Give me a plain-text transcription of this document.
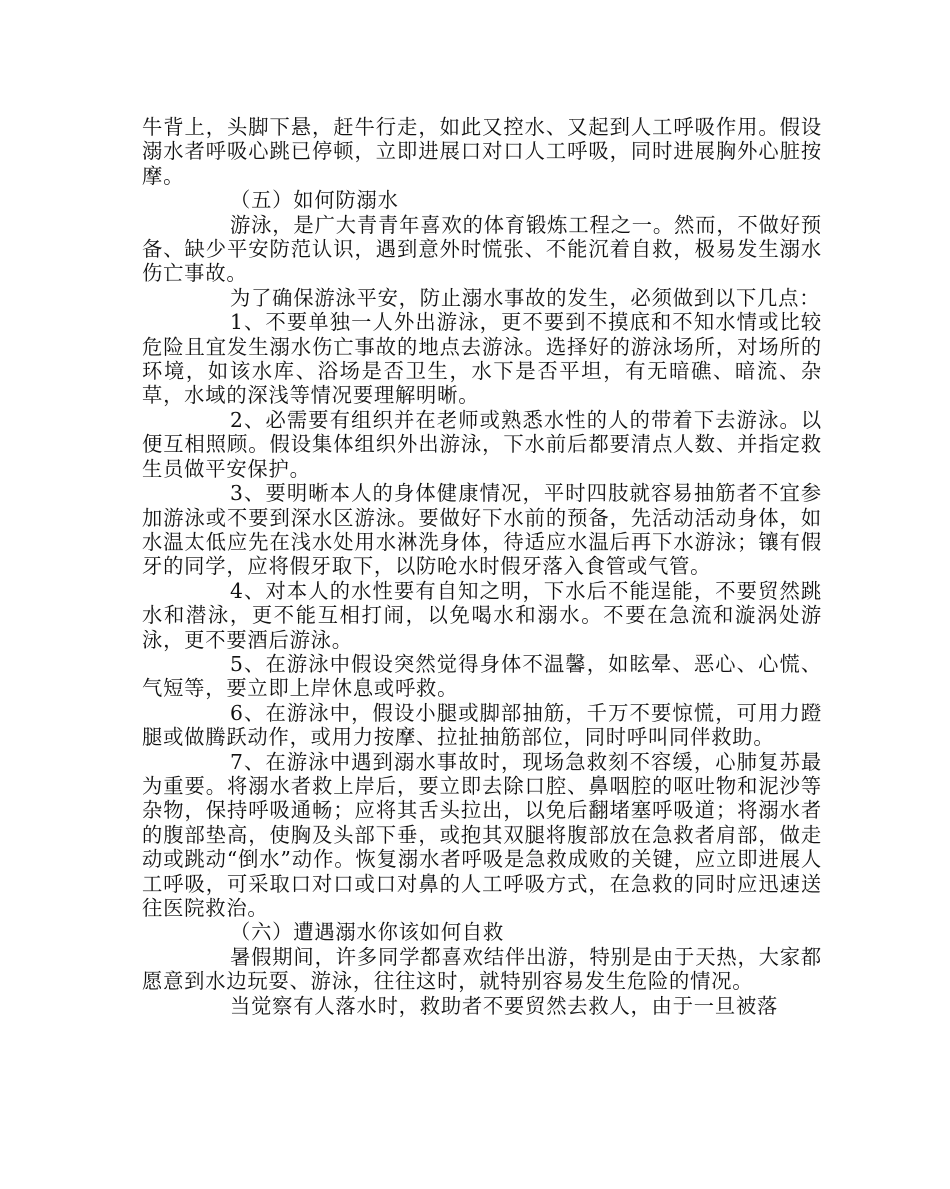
牛背上，头脚下悬，赶牛行走，如此又控水、又起到人工呼吸作用。假设溺水者呼吸心跳已停顿，立即进展口对口人工呼吸，同时进展胸外心脏按摩。

（五）如何防溺水

游泳，是广大青青年喜欢的体育锻炼工程之一。然而，不做好预备、缺少平安防范认识，遇到意外时慌张、不能沉着自救，极易发生溺水伤亡事故。

为了确保游泳平安，防止溺水事故的发生，必须做到以下几点：

1、不要单独一人外出游泳，更不要到不摸底和不知水情或比较危险且宜发生溺水伤亡事故的地点去游泳。选择好的游泳场所，对场所的环境，如该水库、浴场是否卫生，水下是否平坦，有无暗礁、暗流、杂草，水域的深浅等情况要理解明晰。

2、必需要有组织并在老师或熟悉水性的人的带着下去游泳。以便互相照顾。假设集体组织外出游泳，下水前后都要清点人数、并指定救生员做平安保护。

3、要明晰本人的身体健康情况，平时四肢就容易抽筋者不宜参加游泳或不要到深水区游泳。要做好下水前的预备，先活动活动身体，如水温太低应先在浅水处用水淋洗身体，待适应水温后再下水游泳；镶有假牙的同学，应将假牙取下，以防呛水时假牙落入食管或气管。

4、对本人的水性要有自知之明，下水后不能逞能，不要贸然跳水和潜泳，更不能互相打闹，以免喝水和溺水。不要在急流和漩涡处游泳，更不要酒后游泳。

5、在游泳中假设突然觉得身体不温馨，如眩晕、恶心、心慌、气短等，要立即上岸休息或呼救。

6、在游泳中，假设小腿或脚部抽筋，千万不要惊慌，可用力蹬腿或做腾跃动作，或用力按摩、拉扯抽筋部位，同时呼叫同伴救助。

7、在游泳中遇到溺水事故时，现场急救刻不容缓，心肺复苏最为重要。将溺水者救上岸后，要立即去除口腔、鼻咽腔的呕吐物和泥沙等杂物，保持呼吸通畅；应将其舌头拉出，以免后翻堵塞呼吸道；将溺水者的腹部垫高，使胸及头部下垂，或抱其双腿将腹部放在急救者肩部，做走动或跳动“倒水”动作。恢复溺水者呼吸是急救成败的关键，应立即进展人工呼吸，可采取口对口或口对鼻的人工呼吸方式，在急救的同时应迅速送往医院救治。

（六）遭遇溺水你该如何自救

暑假期间，许多同学都喜欢结伴出游，特别是由于天热，大家都愿意到水边玩耍、游泳，往往这时，就特别容易发生危险的情况。

当觉察有人落水时，救助者不要贸然去救人，由于一旦被落
